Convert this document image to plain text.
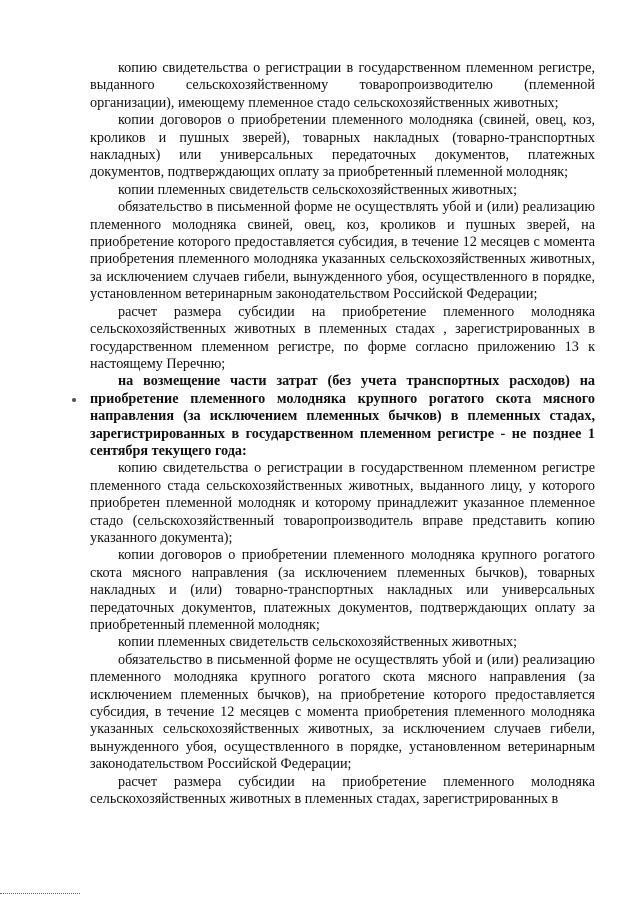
копию свидетельства о регистрации в государственном племенном регистре, выданного сельскохозяйственному товаропроизводителю (племенной организации), имеющему племенное стадо сельскохозяйственных животных;

копии договоров о приобретении племенного молодняка (свиней, овец, коз, кроликов и пушных зверей), товарных накладных (товарно-транспортных накладных) или универсальных передаточных документов, платежных документов, подтверждающих оплату за приобретенный племенной молодняк;

копии племенных свидетельств сельскохозяйственных животных;

обязательство в письменной форме не осуществлять убой и (или) реализацию племенного молодняка свиней, овец, коз, кроликов и пушных зверей, на приобретение которого предоставляется субсидия, в течение 12 месяцев с момента приобретения племенного молодняка указанных сельскохозяйственных животных, за исключением случаев гибели, вынужденного убоя, осуществленного в порядке, установленном ветеринарным законодательством Российской Федерации;

расчет размера субсидии на приобретение племенного молодняка сельскохозяйственных животных в племенных стадах , зарегистрированных в государственном племенном регистре, по форме согласно приложению 13 к настоящему Перечню;

на возмещение части затрат (без учета транспортных расходов) на приобретение племенного молодняка крупного рогатого скота мясного направления (за исключением племенных бычков) в племенных стадах, зарегистрированных в государственном племенном регистре - не позднее 1 сентября текущего года:

копию свидетельства о регистрации в государственном племенном регистре племенного стада сельскохозяйственных животных, выданного лицу, у которого приобретен племенной молодняк и которому принадлежит указанное племенное стадо (сельскохозяйственный товаропроизводитель вправе представить копию указанного документа);

копии договоров о приобретении племенного молодняка крупного рогатого скота мясного направления (за исключением племенных бычков), товарных накладных и (или) товарно-транспортных накладных или универсальных передаточных документов, платежных документов, подтверждающих оплату за приобретенный племенной молодняк;

копии племенных свидетельств сельскохозяйственных животных;

обязательство в письменной форме не осуществлять убой и (или) реализацию племенного молодняка крупного рогатого скота мясного направления (за исключением племенных бычков), на приобретение которого предоставляется субсидия, в течение 12 месяцев с момента приобретения племенного молодняка указанных сельскохозяйственных животных, за исключением случаев гибели, вынужденного убоя, осуществленного в порядке, установленном ветеринарным законодательством Российской Федерации;

расчет размера субсидии на приобретение племенного молодняка сельскохозяйственных животных в племенных стадах, зарегистрированных в
